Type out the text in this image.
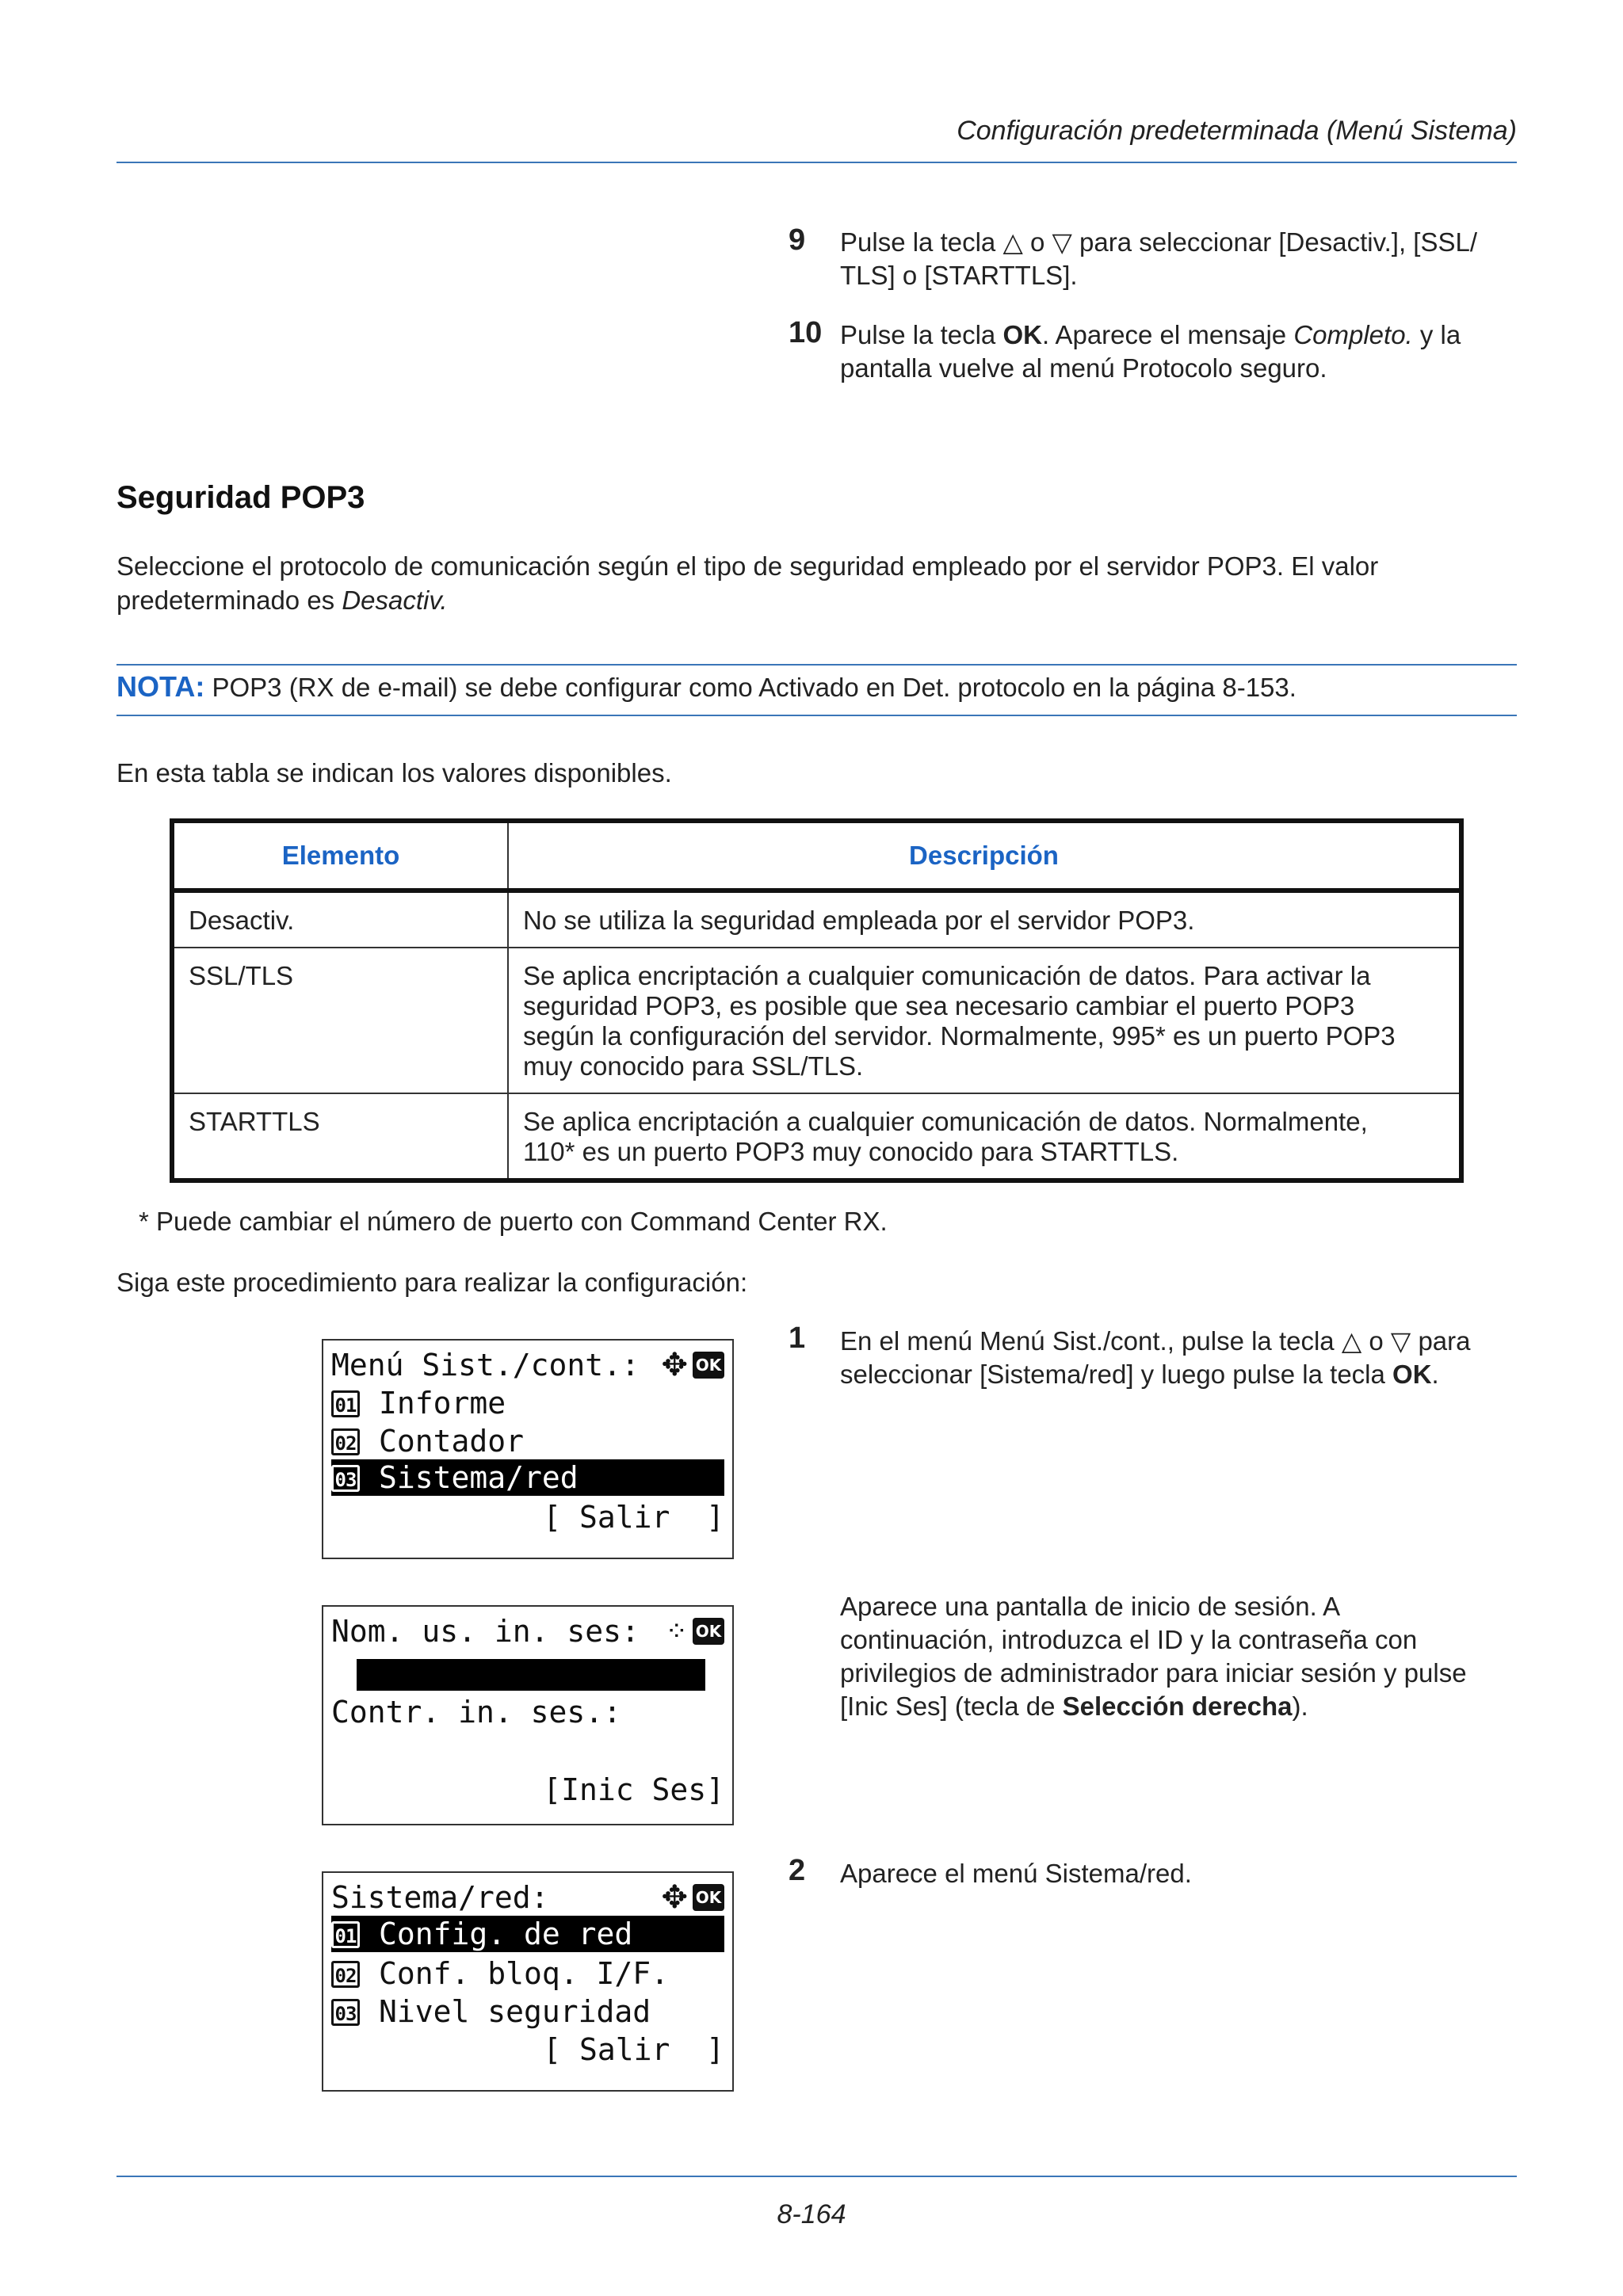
Configuración predeterminada (Menú Sistema)
9 Pulse la tecla △ o ▽ para seleccionar [Desactiv.], [SSL/
TLS] o [STARTTLS].
10 Pulse la tecla OK. Aparece el mensaje Completo. y la
pantalla vuelve al menú Protocolo seguro.
Seguridad POP3
Seleccione el protocolo de comunicación según el tipo de seguridad empleado por el servidor POP3. El valor
predeterminado es Desactiv.
NOTA: POP3 (RX de e-mail) se debe configurar como Activado en Det. protocolo en la página 8-153.
En esta tabla se indican los valores disponibles.
Elemento	Descripción
Desactiv.	No se utiliza la seguridad empleada por el servidor POP3.

SSL/TLS	Se aplica encriptación a cualquier comunicación de datos. Para activar la
seguridad POP3, es posible que sea necesario cambiar el puerto POP3
según la configuración del servidor. Normalmente, 995* es un puerto POP3
muy conocido para SSL/TLS.

STARTTLS	Se aplica encriptación a cualquier comunicación de datos. Normalmente,
110* es un puerto POP3 muy conocido para STARTTLS.
* Puede cambiar el número de puerto con Command Center RX.
Siga este procedimiento para realizar la configuración:
1 En el menú Menú Sist./cont., pulse la tecla △ o ▽ para
seleccionar [Sistema/red] y luego pulse la tecla OK.
Menú Sist./cont.: ✥ OK
01 Informe
02 Contador
03 Sistema/red
[ Salir  ]
Aparece una pantalla de inicio de sesión. A
continuación, introduzca el ID y la contraseña con
privilegios de administrador para iniciar sesión y pulse
[Inic Ses] (tecla de Selección derecha).
Nom. us. in. ses: ⁘ OK
Contr. in. ses.:
[Inic Ses]
2 Aparece el menú Sistema/red.
Sistema/red:	✥ OK
01 Config. de red
02 Conf. bloq. I/F.
03 Nivel seguridad
[ Salir  ]
8-164
